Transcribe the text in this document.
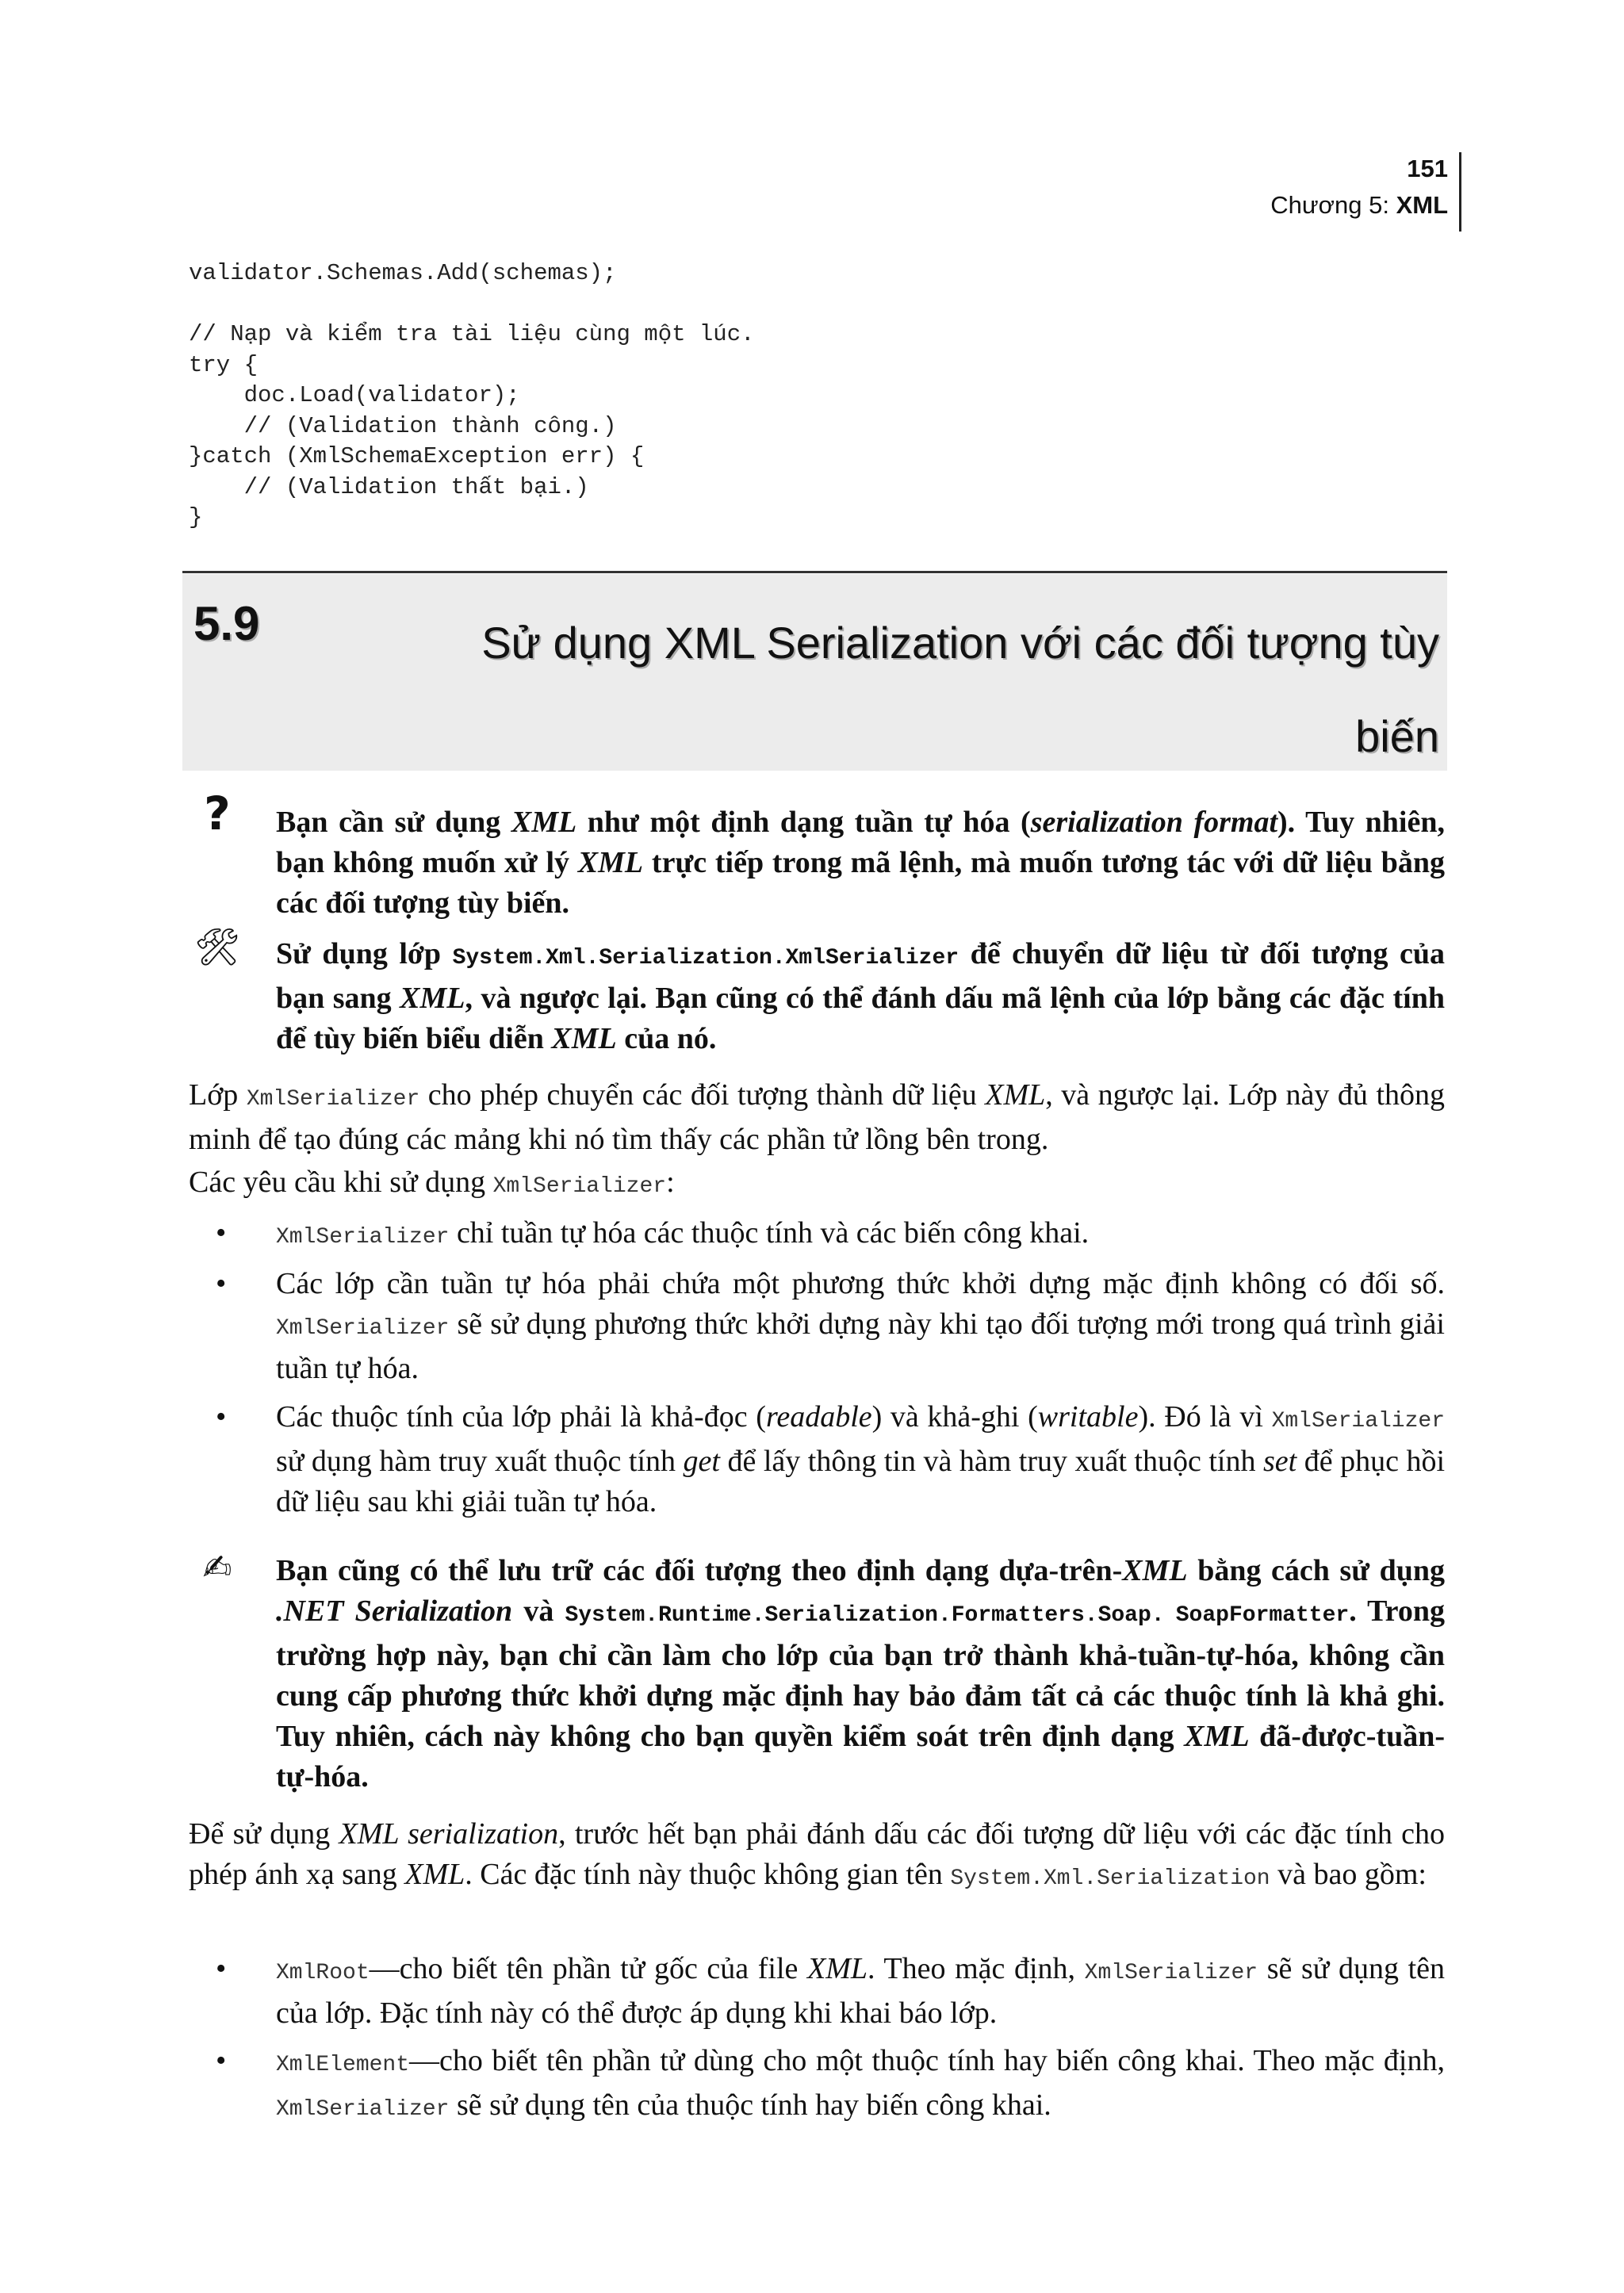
151
Chương 5: XML
validator.Schemas.Add(schemas);

// Nạp và kiểm tra tài liệu cùng một lúc.
try {
doc.Load(validator);
// (Validation thành công.)
}catch (XmlSchemaException err) {
// (Validation thất bại.)
}
5.9	Sử dụng XML Serialization với các đối tượng tùy
biến
?	Bạn cần sử dụng XML như một định dạng tuần tự hóa (serialization format). Tuy nhiên, bạn không muốn xử lý XML trực tiếp trong mã lệnh, mà muốn tương tác với dữ liệu bằng các đối tượng tùy biến.
🛠 Sử dụng lớp System.Xml.Serialization.XmlSerializer để chuyển dữ liệu từ đối tượng của bạn sang XML, và ngược lại. Bạn cũng có thể đánh dấu mã lệnh của lớp bằng các đặc tính để tùy biến biểu diễn XML của nó.
Lớp XmlSerializer cho phép chuyển các đối tượng thành dữ liệu XML, và ngược lại. Lớp này đủ thông minh để tạo đúng các mảng khi nó tìm thấy các phần tử lồng bên trong.
Các yêu cầu khi sử dụng XmlSerializer:
• XmlSerializer chỉ tuần tự hóa các thuộc tính và các biến công khai.
• Các lớp cần tuần tự hóa phải chứa một phương thức khởi dựng mặc định không có đối số. XmlSerializer sẽ sử dụng phương thức khởi dựng này khi tạo đối tượng mới trong quá trình giải tuần tự hóa.
• Các thuộc tính của lớp phải là khả-đọc (readable) và khả-ghi (writable). Đó là vì XmlSerializer sử dụng hàm truy xuất thuộc tính get để lấy thông tin và hàm truy xuất thuộc tính set để phục hồi dữ liệu sau khi giải tuần tự hóa.
✍	Bạn cũng có thể lưu trữ các đối tượng theo định dạng dựa-trên-XML bằng cách sử dụng .NET Serialization và System.Runtime.Serialization.Formatters.Soap. SoapFormatter. Trong trường hợp này, bạn chỉ cần làm cho lớp của bạn trở thành khả-tuần-tự-hóa, không cần cung cấp phương thức khởi dựng mặc định hay bảo đảm tất cả các thuộc tính là khả ghi. Tuy nhiên, cách này không cho bạn quyền kiểm soát trên định dạng XML đã-được-tuần-tự-hóa.
Để sử dụng XML serialization, trước hết bạn phải đánh dấu các đối tượng dữ liệu với các đặc tính cho phép ánh xạ sang XML. Các đặc tính này thuộc không gian tên System.Xml.Serialization và bao gồm:
• XmlRoot—cho biết tên phần tử gốc của file XML. Theo mặc định, XmlSerializer sẽ sử dụng tên của lớp. Đặc tính này có thể được áp dụng khi khai báo lớp.
• XmlElement—cho biết tên phần tử dùng cho một thuộc tính hay biến công khai. Theo mặc định, XmlSerializer sẽ sử dụng tên của thuộc tính hay biến công khai.
